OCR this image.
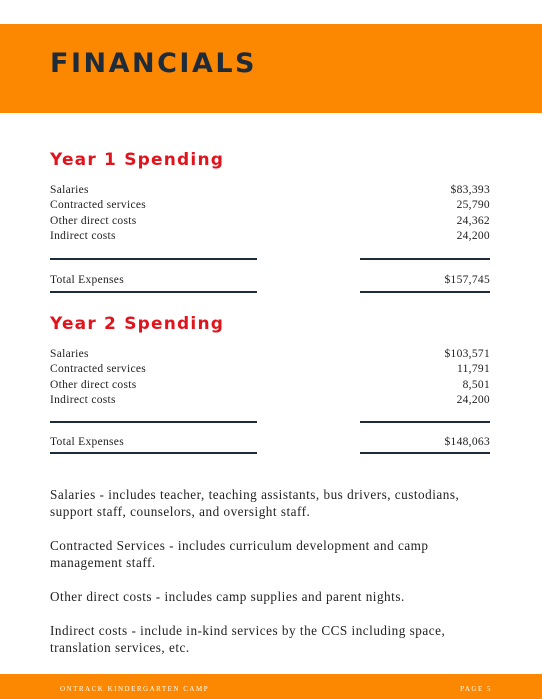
FINANCIALS
Year 1 Spending
Salaries	$83,393
Contracted services	25,790
Other direct costs	24,362
Indirect costs	24,200
Total Expenses	$157,745
Year 2 Spending
Salaries	$103,571
Contracted services	11,791
Other direct costs	8,501
Indirect costs	24,200
Total Expenses	$148,063

Salaries - includes teacher, teaching assistants, bus drivers, custodians, support staff, counselors, and oversight staff.

Contracted Services - includes curriculum development and camp management staff.

Other direct costs - includes camp supplies and parent nights.

Indirect costs - include in-kind services by the CCS including space, translation services, etc.

ONTRACK KINDERGARTEN CAMP	PAGE 5
